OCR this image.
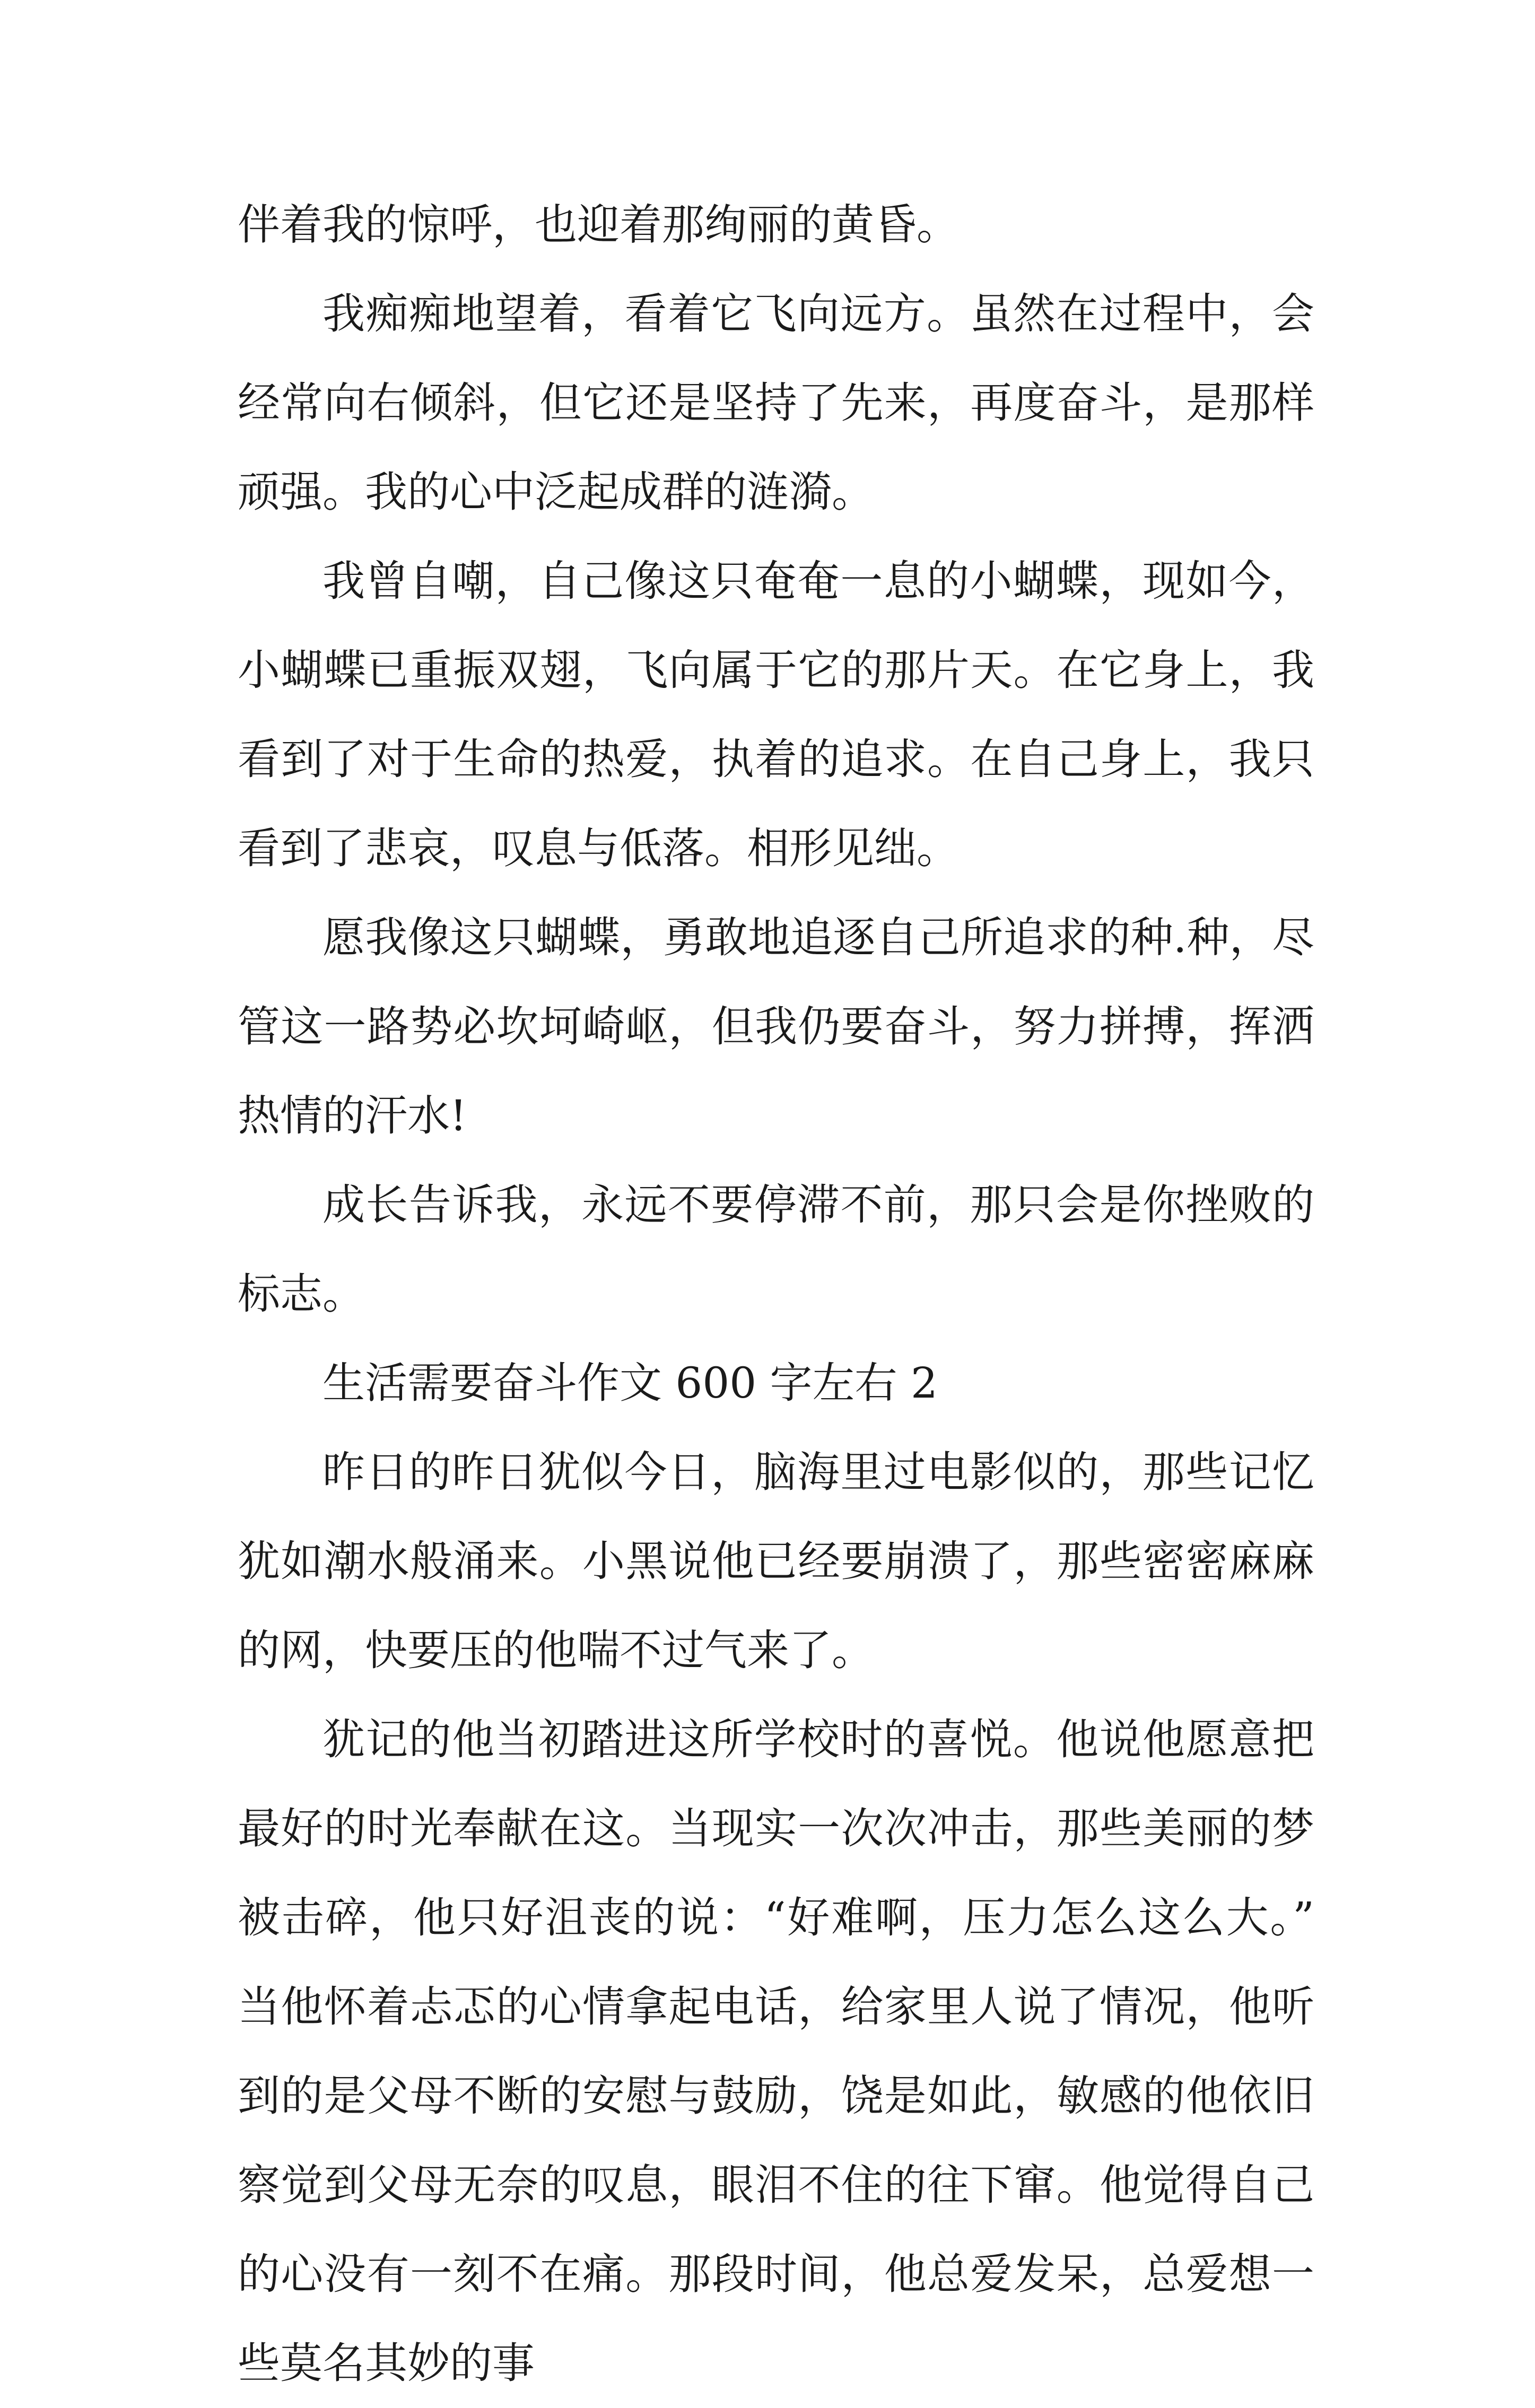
伴着我的惊呼，也迎着那绚丽的黄昏。

我痴痴地望着，看着它飞向远方。虽然在过程中，会经常向右倾斜，但它还是坚持了先来，再度奋斗，是那样顽强。我的心中泛起成群的涟漪。

我曾自嘲，自己像这只奄奄一息的小蝴蝶，现如今，小蝴蝶已重振双翅，飞向属于它的那片天。在它身上，我看到了对于生命的热爱，执着的追求。在自己身上，我只看到了悲哀，叹息与低落。相形见绌。

愿我像这只蝴蝶，勇敢地追逐自己所追求的种.种，尽管这一路势必坎坷崎岖，但我仍要奋斗，努力拼搏，挥洒热情的汗水!

成长告诉我，永远不要停滞不前，那只会是你挫败的标志。

生活需要奋斗作文 600 字左右 2

昨日的昨日犹似今日，脑海里过电影似的，那些记忆犹如潮水般涌来。小黑说他已经要崩溃了，那些密密麻麻的网，快要压的他喘不过气来了。

犹记的他当初踏进这所学校时的喜悦。他说他愿意把最好的时光奉献在这。当现实一次次冲击，那些美丽的梦被击碎，他只好沮丧的说：“好难啊，压力怎么这么大。”当他怀着忐忑的心情拿起电话，给家里人说了情况，他听到的是父母不断的安慰与鼓励，饶是如此，敏感的他依旧察觉到父母无奈的叹息，眼泪不住的往下窜。他觉得自己的心没有一刻不在痛。那段时间，他总爱发呆，总爱想一些莫名其妙的事
